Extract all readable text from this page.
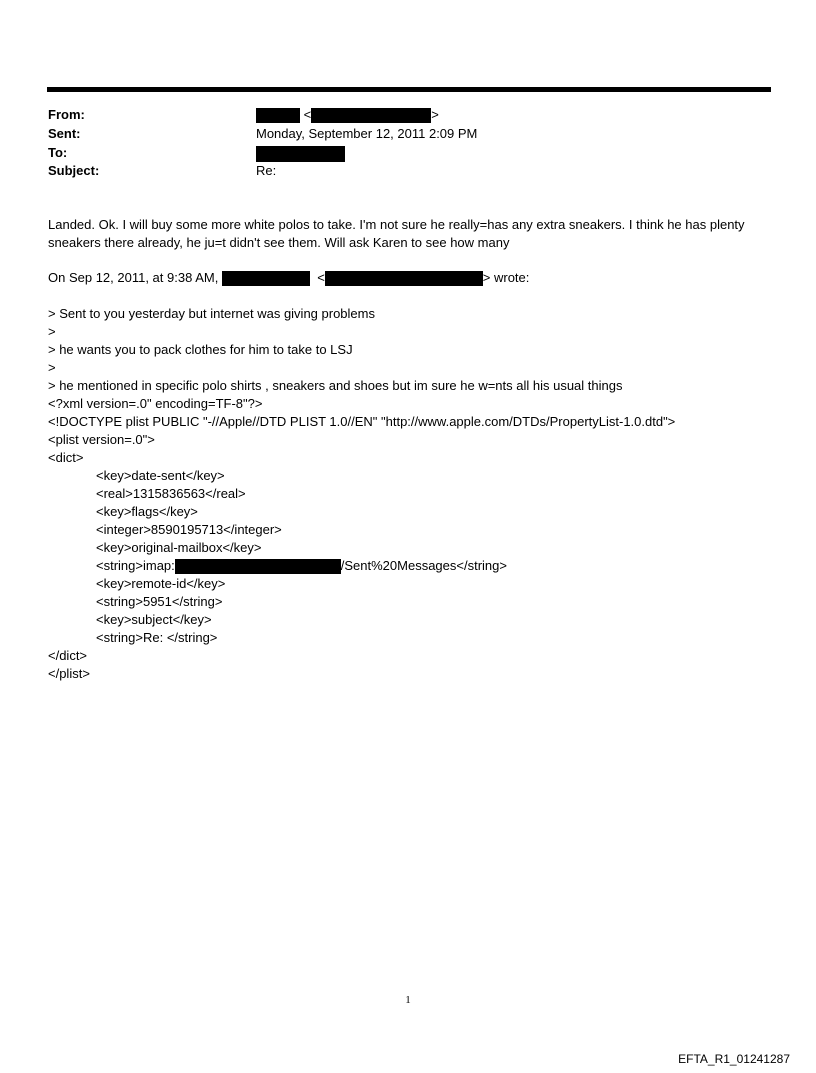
From:	<	>
Sent:	Monday, September 12, 2011 2:09 PM
To:
Subject:	Re:
Landed. Ok. I will buy some more white polos to take. I'm not sure he really=has any extra sneakers. I think he has plenty
sneakers there already, he ju=t didn't see them. Will ask Karen to see how many
On Sep 12, 2011, at 9:38 AM,	<	> wrote:
> Sent to you yesterday but internet was giving problems
>
> he wants you to pack clothes for him to take to LSJ
>
> he mentioned in specific polo shirts , sneakers and shoes but im sure he w=nts all his usual things
<?xml version=.0" encoding=TF-8"?>
<!DOCTYPE plist PUBLIC "-//Apple//DTD PLIST 1.0//EN" "http://www.apple.com/DTDs/PropertyList-1.0.dtd">
<plist version=.0">
<dict>
<key>date-sent</key>
<real>1315836563</real>
<key>flags</key>
<integer>8590195713</integer>
<key>original-mailbox</key>
<string>imap:	/Sent%20Messages</string>
<key>remote-id</key>
<string>5951</string>
<key>subject</key>
<string>Re: </string>
</dict>
</plist>
1
EFTA_R1_01241287
